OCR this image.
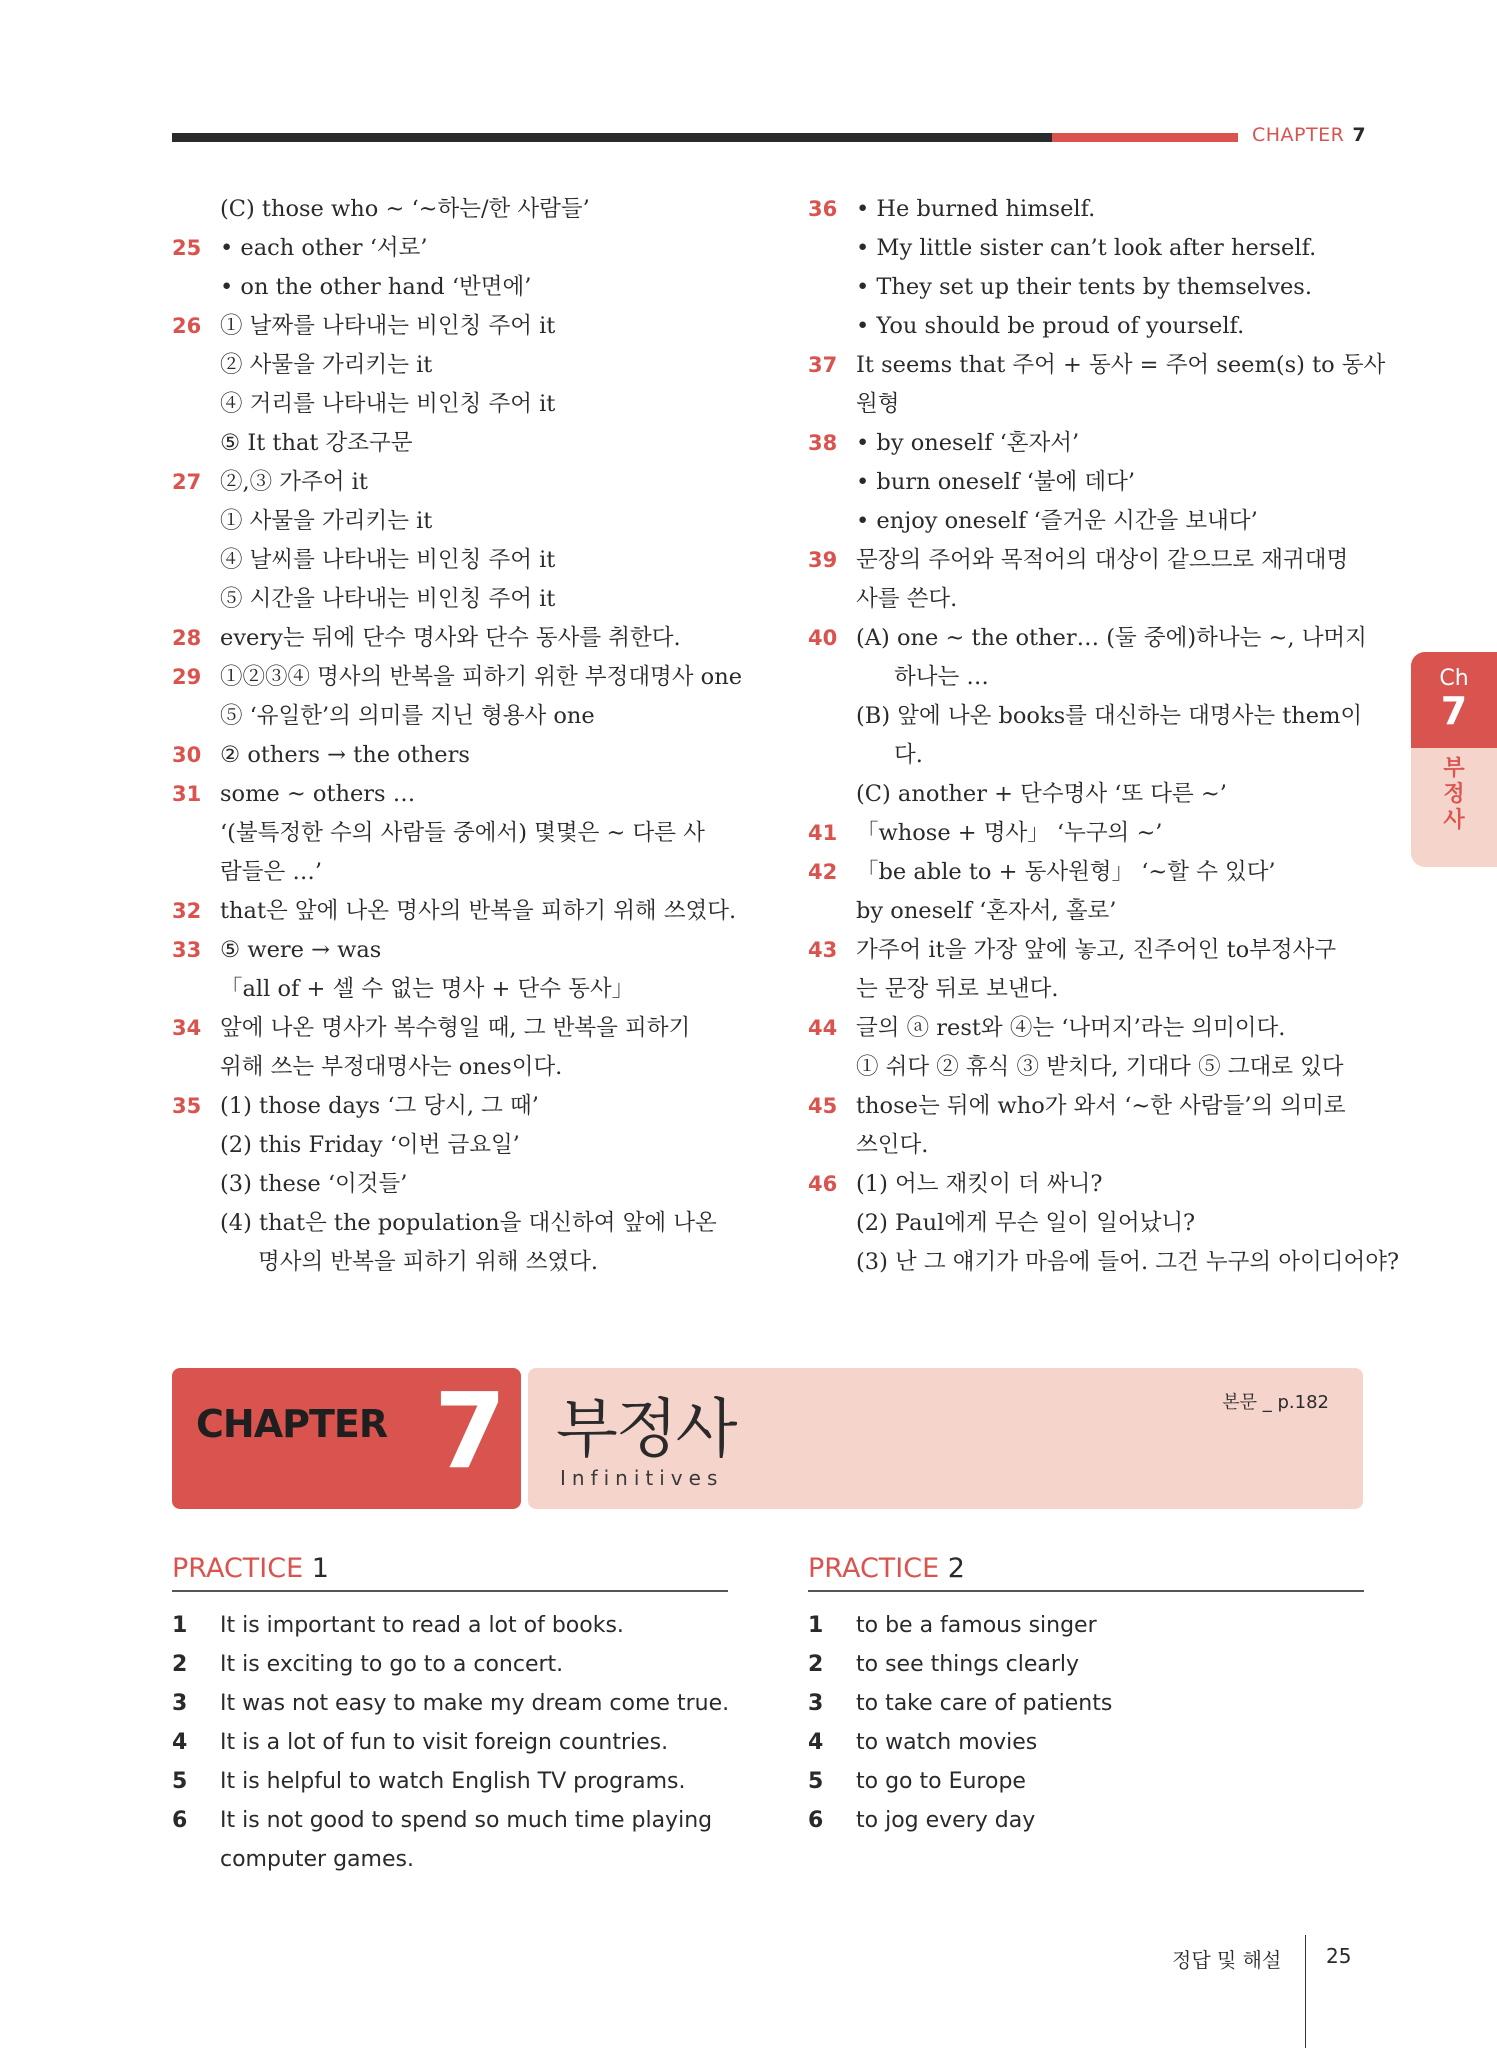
CHAPTER 7
(C) those who ~ ‘~하는/한 사람들’
25 • each other ‘서로’
• on the other hand ‘반면에’
26 ① 날짜를 나타내는 비인칭 주어 it
② 사물을 가리키는 it
④ 거리를 나타내는 비인칭 주어 it
⑤ It that 강조구문
27 ②,③ 가주어 it
① 사물을 가리키는 it
④ 날씨를 나타내는 비인칭 주어 it
⑤ 시간을 나타내는 비인칭 주어 it
28 every는 뒤에 단수 명사와 단수 동사를 취한다.
29 ①②③④ 명사의 반복을 피하기 위한 부정대명사 one
⑤ ‘유일한’의 의미를 지닌 형용사 one
30 ② others → the others
31 some ~ others …
‘(불특정한 수의 사람들 중에서) 몇몇은 ~ 다른 사
람들은 …’
32 that은 앞에 나온 명사의 반복을 피하기 위해 쓰였다.
33 ⑤ were → was
「all of + 셀 수 없는 명사 + 단수 동사」
34 앞에 나온 명사가 복수형일 때, 그 반복을 피하기
위해 쓰는 부정대명사는 ones이다.
35 (1) those days ‘그 당시, 그 때’
(2) this Friday ‘이번 금요일’
(3) these ‘이것들’
(4) that은 the population을 대신하여 앞에 나온
명사의 반복을 피하기 위해 쓰였다.
36 • He burned himself.
• My little sister can’t look after herself.
• They set up their tents by themselves.
• You should be proud of yourself.
37 It seems that 주어 + 동사 = 주어 seem(s) to 동사
원형
38 • by oneself ‘혼자서’
• burn oneself ‘불에 데다’
• enjoy oneself ‘즐거운 시간을 보내다’
39 문장의 주어와 목적어의 대상이 같으므로 재귀대명
사를 쓴다.
40 (A) one ~ the other… (둘 중에)하나는 ~, 나머지
하나는 …
(B) 앞에 나온 books를 대신하는 대명사는 them이
다.
(C) another + 단수명사 ‘또 다른 ~’
41 「whose + 명사」 ‘누구의 ~’
42 「be able to + 동사원형」 ‘~할 수 있다’
by oneself ‘혼자서, 홀로’
43 가주어 it을 가장 앞에 놓고, 진주어인 to부정사구
는 문장 뒤로 보낸다.
44 글의 ⓐ rest와 ④는 ‘나머지’라는 의미이다.
① 쉬다 ② 휴식 ③ 받치다, 기대다 ⑤ 그대로 있다
45 those는 뒤에 who가 와서 ‘~한 사람들’의 의미로
쓰인다.
46 (1) 어느 재킷이 더 싸니?
(2) Paul에게 무슨 일이 일어났니?
(3) 난 그 얘기가 마음에 들어. 그건 누구의 아이디어야?
Ch
7
부
정
사
CHAPTER 7 부정사
Infinitives
본문 _ p.182
PRACTICE 1
1 It is important to read a lot of books.
2 It is exciting to go to a concert.
3 It was not easy to make my dream come true.
4 It is a lot of fun to visit foreign countries.
5 It is helpful to watch English TV programs.
6 It is not good to spend so much time playing
computer games.
PRACTICE 2
1 to be a famous singer
2 to see things clearly
3 to take care of patients
4 to watch movies
5 to go to Europe
6 to jog every day
정답 및 해설 25
